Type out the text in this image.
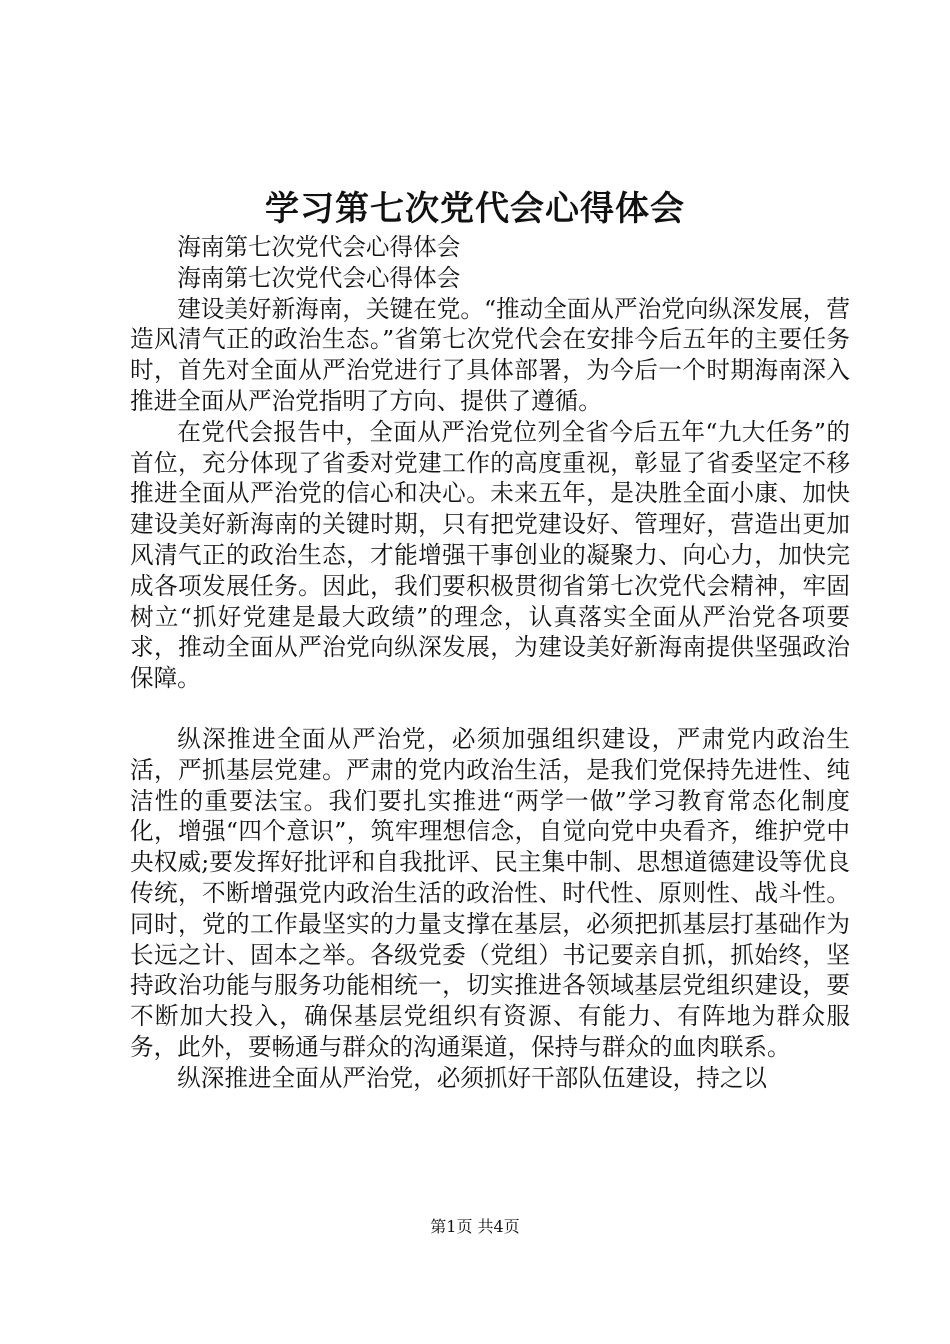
学习第七次党代会心得体会

海南第七次党代会心得体会

海南第七次党代会心得体会

建设美好新海南，关键在党。“推动全面从严治党向纵深发展，营造风清气正的政治生态。”省第七次党代会在安排今后五年的主要任务时，首先对全面从严治党进行了具体部署，为今后一个时期海南深入推进全面从严治党指明了方向、提供了遵循。

在党代会报告中，全面从严治党位列全省今后五年“九大任务”的首位，充分体现了省委对党建工作的高度重视，彰显了省委坚定不移推进全面从严治党的信心和决心。未来五年，是决胜全面小康、加快建设美好新海南的关键时期，只有把党建设好、管理好，营造出更加风清气正的政治生态，才能增强干事创业的凝聚力、向心力，加快完成各项发展任务。因此，我们要积极贯彻省第七次党代会精神，牢固树立“抓好党建是最大政绩”的理念，认真落实全面从严治党各项要求，推动全面从严治党向纵深发展，为建设美好新海南提供坚强政治保障。

纵深推进全面从严治党，必须加强组织建设，严肃党内政治生活，严抓基层党建。严肃的党内政治生活，是我们党保持先进性、纯洁性的重要法宝。我们要扎实推进“两学一做”学习教育常态化制度化，增强“四个意识”，筑牢理想信念，自觉向党中央看齐，维护党中央权威;要发挥好批评和自我批评、民主集中制、思想道德建设等优良传统，不断增强党内政治生活的政治性、时代性、原则性、战斗性。同时，党的工作最坚实的力量支撑在基层，必须把抓基层打基础作为长远之计、固本之举。各级党委（党组）书记要亲自抓，抓始终，坚持政治功能与服务功能相统一，切实推进各领域基层党组织建设，要不断加大投入，确保基层党组织有资源、有能力、有阵地为群众服务，此外，要畅通与群众的沟通渠道，保持与群众的血肉联系。

纵深推进全面从严治党，必须抓好干部队伍建设，持之以

第1页 共4页
